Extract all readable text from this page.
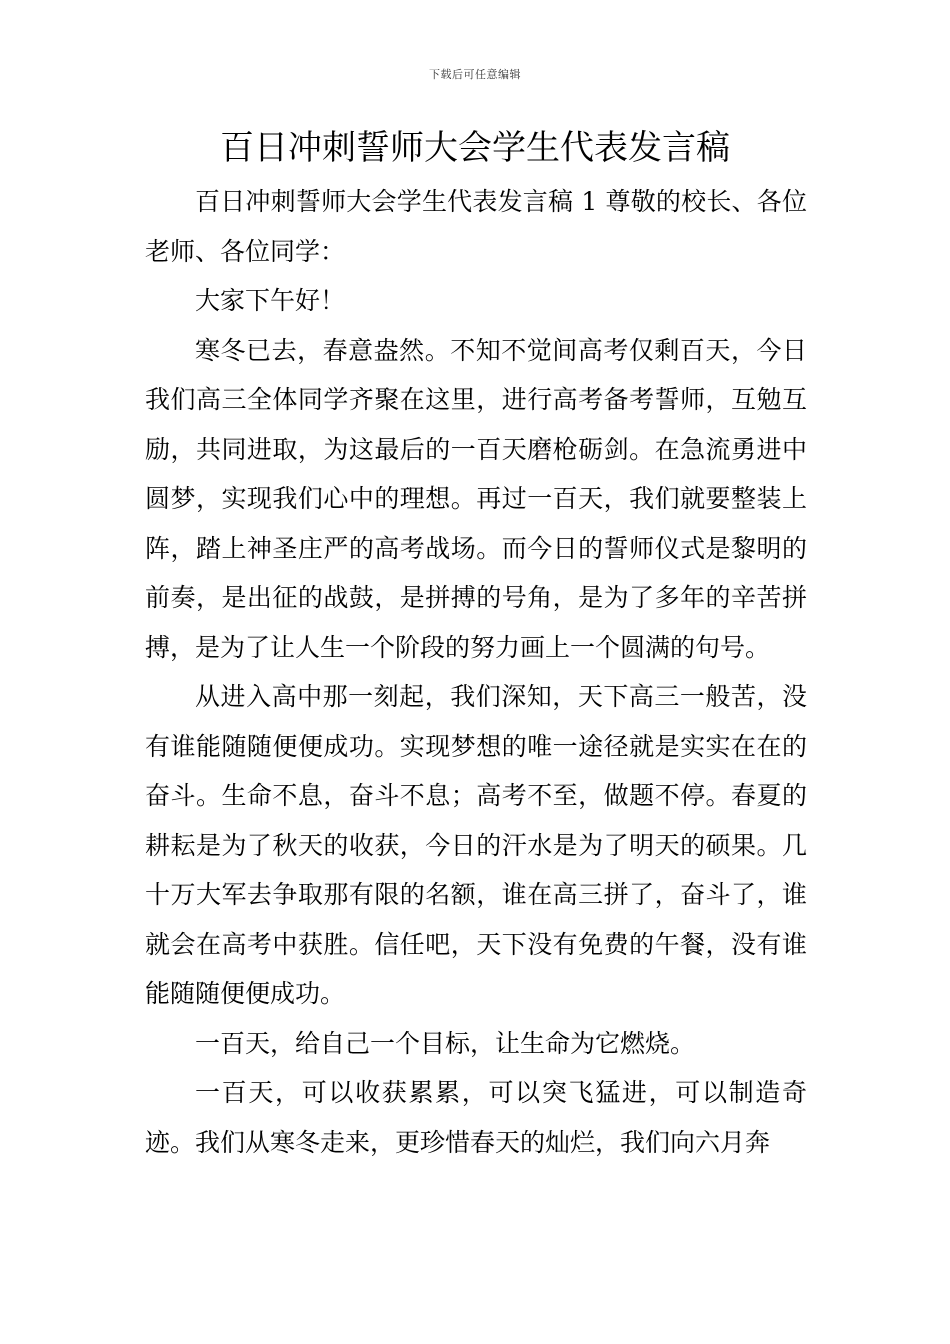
下载后可任意编辑
百日冲刺誓师大会学生代表发言稿

百日冲刺誓师大会学生代表发言稿 1 尊敬的校长、各位老师、各位同学：

大家下午好！

寒冬已去，春意盎然。不知不觉间高考仅剩百天，今日我们高三全体同学齐聚在这里，进行高考备考誓师，互勉互励，共同进取，为这最后的一百天磨枪砺剑。在急流勇进中圆梦，实现我们心中的理想。再过一百天，我们就要整装上阵，踏上神圣庄严的高考战场。而今日的誓师仪式是黎明的前奏，是出征的战鼓，是拼搏的号角，是为了多年的辛苦拼搏，是为了让人生一个阶段的努力画上一个圆满的句号。

从进入高中那一刻起，我们深知，天下高三一般苦，没有谁能随随便便成功。实现梦想的唯一途径就是实实在在的奋斗。生命不息，奋斗不息；高考不至，做题不停。春夏的耕耘是为了秋天的收获，今日的汗水是为了明天的硕果。几十万大军去争取那有限的名额，谁在高三拼了，奋斗了，谁就会在高考中获胜。信任吧，天下没有免费的午餐，没有谁能随随便便成功。

一百天，给自己一个目标，让生命为它燃烧。

一百天，可以收获累累，可以突飞猛进，可以制造奇迹。我们从寒冬走来，更珍惜春天的灿烂，我们向六月奔
